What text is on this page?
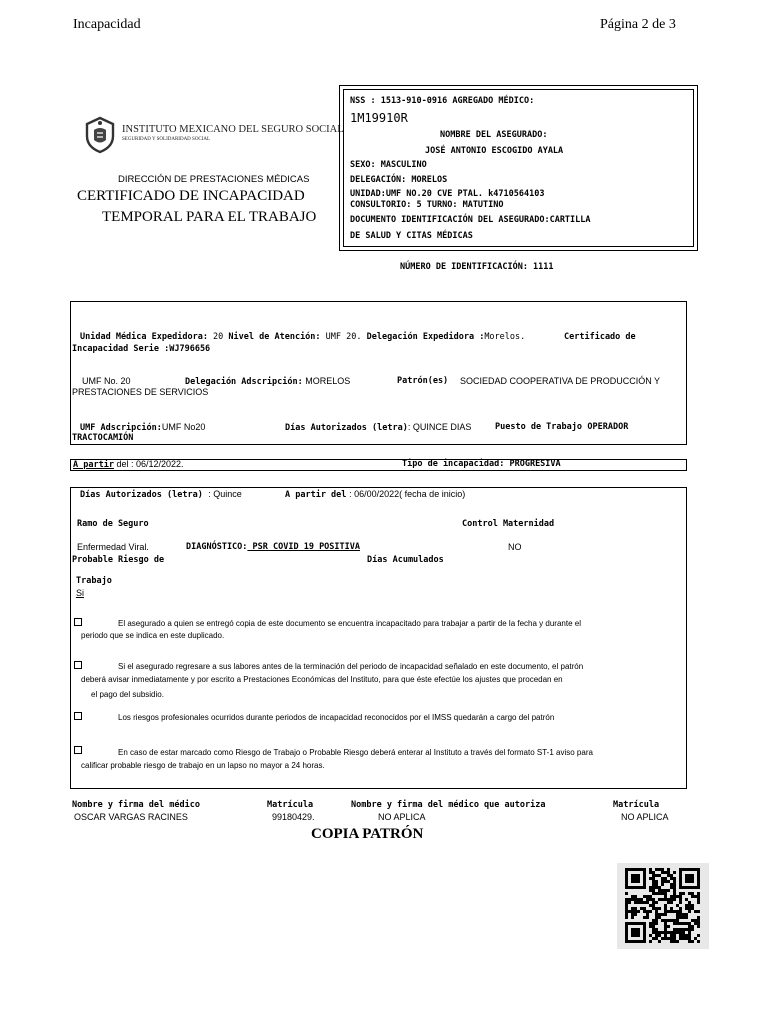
Incapacidad	Página 2 de 3
INSTITUTO MEXICANO DEL SEGURO SOCIAL
SEGURIDAD Y SOLIDARIDAD SOCIAL
DIRECCIÓN DE PRESTACIONES MÉDICAS
CERTIFICADO DE INCAPACIDAD
TEMPORAL PARA EL TRABAJO
NSS : 1513-910-0916 AGREGADO MÉDICO:
1M19910R
NOMBRE DEL ASEGURADO:
JOSÉ ANTONIO ESCOGIDO AYALA
SEXO: MASCULINO
DELEGACIÓN: MORELOS
UNIDAD:UMF NO.20 CVE PTAL. k4710564103
CONSULTORIO: 5 TURNO: MATUTINO
DOCUMENTO IDENTIFICACIÓN DEL ASEGURADO:CARTILLA
DE SALUD Y CITAS MÉDICAS
NÚMERO DE IDENTIFICACIÓN: 1111
Unidad Médica Expedidora: 20 Nivel de Atención: UMF 20. Delegación Expedidora :Morelos.	Certificado de
Incapacidad Serie :WJ796656
UMF No. 20	Delegación Adscripción: MORELOS	Patrón(es) SOCIEDAD COOPERATIVA DE PRODUCCIÓN Y
PRESTACIONES DE SERVICIOS
UMF Adscripción:UMF No20	Días Autorizados (letra): QUINCE DIAS	Puesto de Trabajo OPERADOR
TRACTOCAMIÓN
A partir del : 06/12/2022.	Tipo de incapacidad: PROGRESIVA
Días Autorizados (letra) : Quince	A partir del : 06/00/2022( fecha de inicio)
Ramo de Seguro	Control Maternidad
Enfermedad Viral.	DIAGNÓSTICO: PSR COVID 19 POSITIVA	NO
Probable Riesgo de	Días Acumulados
Trabajo
Si
El asegurado a quien se entregó copia de este documento se encuentra incapacitado para trabajar a partir de la fecha y durante el
periodo que se indica en este duplicado.
Si el asegurado regresare a sus labores antes de la terminación del periodo de incapacidad señalado en este documento, el patrón
deberá avisar inmediatamente y por escrito a Prestaciones Económicas del Instituto, para que éste efectúe los ajustes que procedan en
el pago del subsidio.
Los riesgos profesionales ocurridos durante periodos de incapacidad reconocidos por el IMSS quedarán a cargo del patrón
En caso de estar marcado como Riesgo de Trabajo o Probable Riesgo deberá enterar al Instituto a través del formato ST-1 aviso para
calificar probable riesgo de trabajo en un lapso no mayor a 24 horas.
Nombre y firma del médico	Matrícula	Nombre y firma del médico que autoriza	Matrícula
OSCAR VARGAS RACINES	99180429.	NO APLICA	NO APLICA
COPIA PATRÓN
